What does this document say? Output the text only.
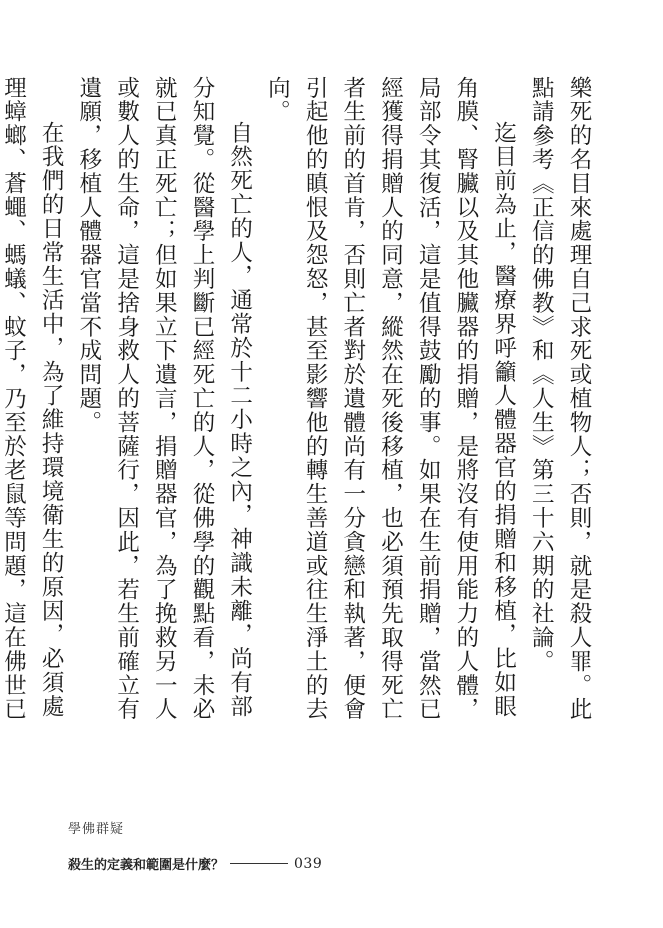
樂死的名目來處理自己求死或植物人；否則，就是殺人罪。此點請參考《正信的佛教》和《人生》第三十六期的社論。

迄目前為止，醫療界呼籲人體器官的捐贈和移植，比如眼角膜、腎臟以及其他臟器的捐贈，是將沒有使用能力的人體，局部令其復活，這是值得鼓勵的事。如果在生前捐贈，當然已經獲得捐贈人的同意，縱然在死後移植，也必須預先取得死亡者生前的首肯，否則亡者對於遺體尚有一分貪戀和執著，便會引起他的瞋恨及怨怒，甚至影響他的轉生善道或往生淨土的去向。

自然死亡的人，通常於十二小時之內，神識未離，尚有部分知覺。從醫學上判斷已經死亡的人，從佛學的觀點看，未必就已真正死亡；但如果立下遺言，捐贈器官，為了挽救另一人或數人的生命，這是捨身救人的菩薩行，因此，若生前確立有遺願，移植人體器官當不成問題。

在我們的日常生活中，為了維持環境衛生的原因，必須處理蟑螂、蒼蠅、螞蟻、蚊子，乃至於老鼠等問題，這在佛世已

學佛群疑
殺生的定義和範圍是什麼？	039
